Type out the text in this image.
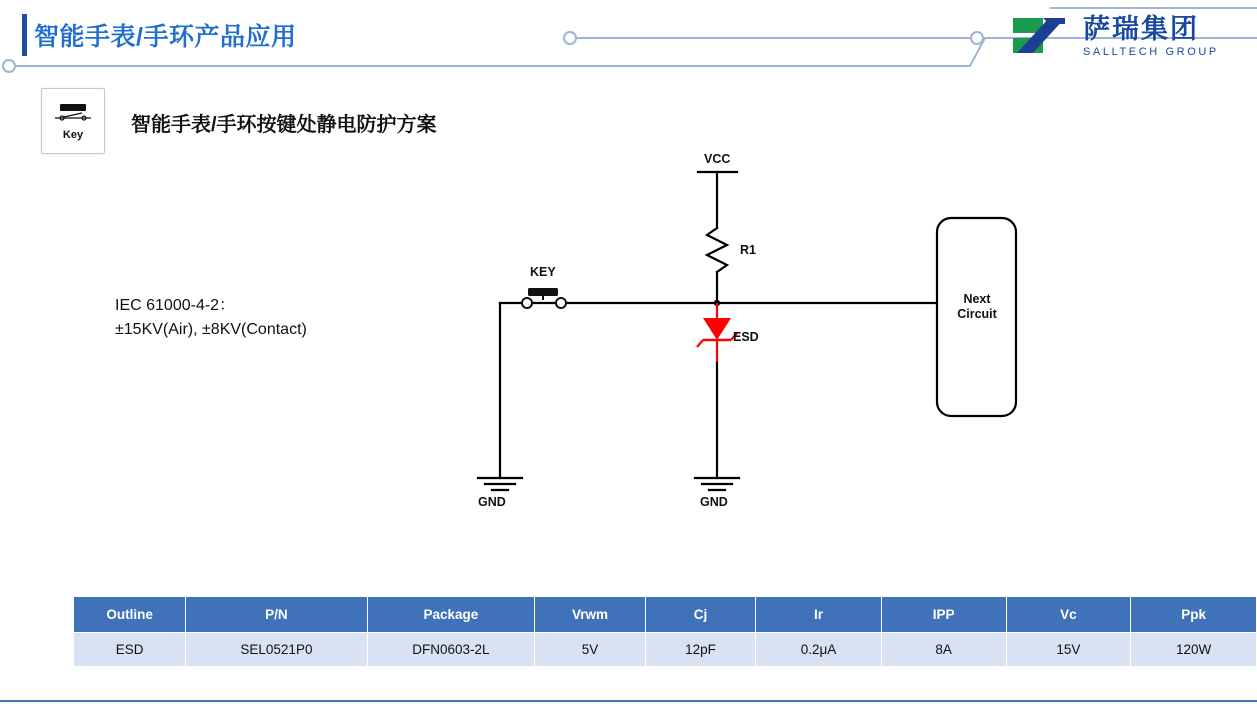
智能手表/手环产品应用	萨瑞集团
SALLTECH GROUP
Key	智能手表/手环按键处静电防护方案
IEC 61000-4-2：
±15KV(Air), ±8KV(Contact)
VCC
R1
KEY
ESD
GND	GND
Next
Circuit
Outline	P/N	Package	Vrwm	Cj	Ir	IPP	Vc	Ppk
ESD	SEL0521P0	DFN0603-2L	5V	12pF	0.2μA	8A	15V	120W
